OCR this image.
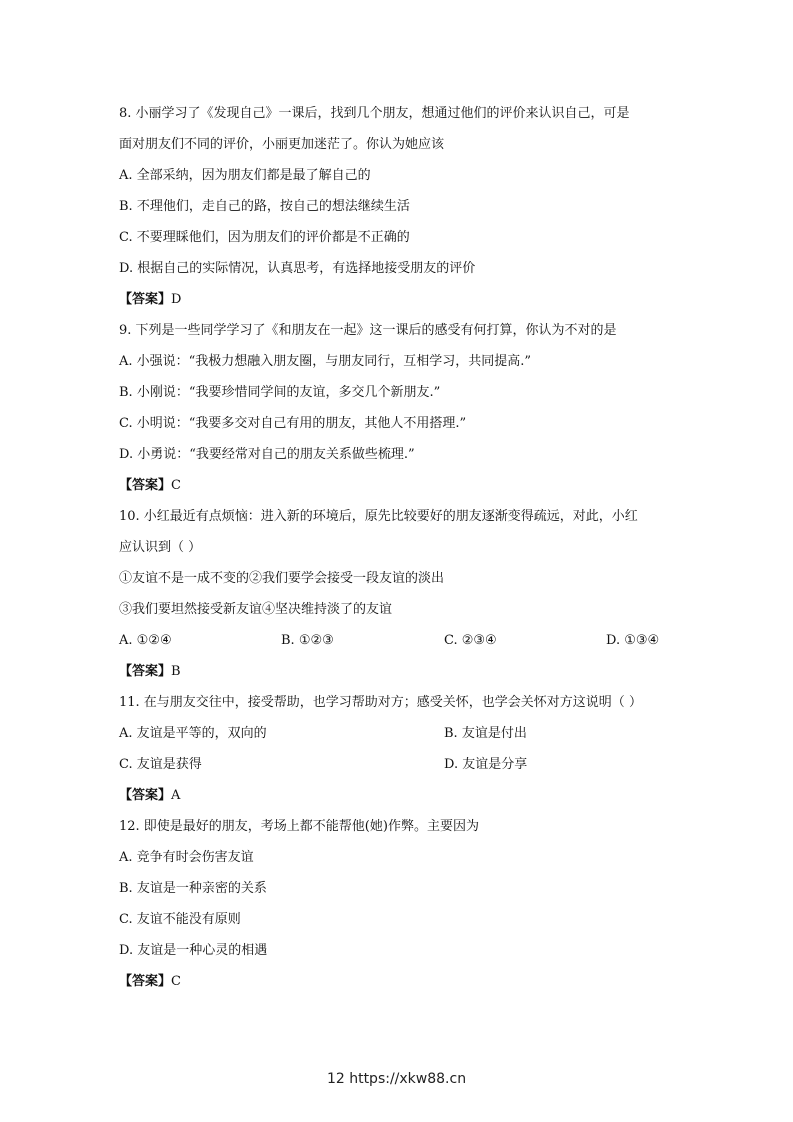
8. 小丽学习了《发现自己》一课后，找到几个朋友，想通过他们的评价来认识自己，可是

面对朋友们不同的评价，小丽更加迷茫了。你认为她应该

A. 全部采纳，因为朋友们都是最了解自己的

B. 不理他们，走自己的路，按自己的想法继续生活

C. 不要理睬他们，因为朋友们的评价都是不正确的

D. 根据自己的实际情况，认真思考，有选择地接受朋友的评价

【答案】D

9. 下列是一些同学学习了《和朋友在一起》这一课后的感受有何打算，你认为不对的是

A. 小强说：“我极力想融入朋友圈，与朋友同行，互相学习，共同提高.”

B. 小刚说：“我要珍惜同学间的友谊，多交几个新朋友.”

C. 小明说：“我要多交对自己有用的朋友，其他人不用搭理.”

D. 小勇说：“我要经常对自己的朋友关系做些梳理.”

【答案】C

10. 小红最近有点烦恼：进入新的环境后，原先比较要好的朋友逐渐变得疏远，对此，小红

应认识到（ ）

①友谊不是一成不变的②我们要学会接受一段友谊的淡出

③我们要坦然接受新友谊④坚决维持淡了的友谊

A. ①②④	B. ①②③	C. ②③④	D. ①③④
【答案】B

11. 在与朋友交往中，接受帮助，也学习帮助对方；感受关怀，也学会关怀对方这说明（ ）

A. 友谊是平等的，双向的	B. 友谊是付出
C. 友谊是获得	D. 友谊是分享
【答案】A

12. 即使是最好的朋友，考场上都不能帮他(她)作弊。主要因为

A. 竞争有时会伤害友谊

B. 友谊是一种亲密的关系

C. 友谊不能没有原则

D. 友谊是一种心灵的相遇

【答案】C
12 https://xkw88.cn
